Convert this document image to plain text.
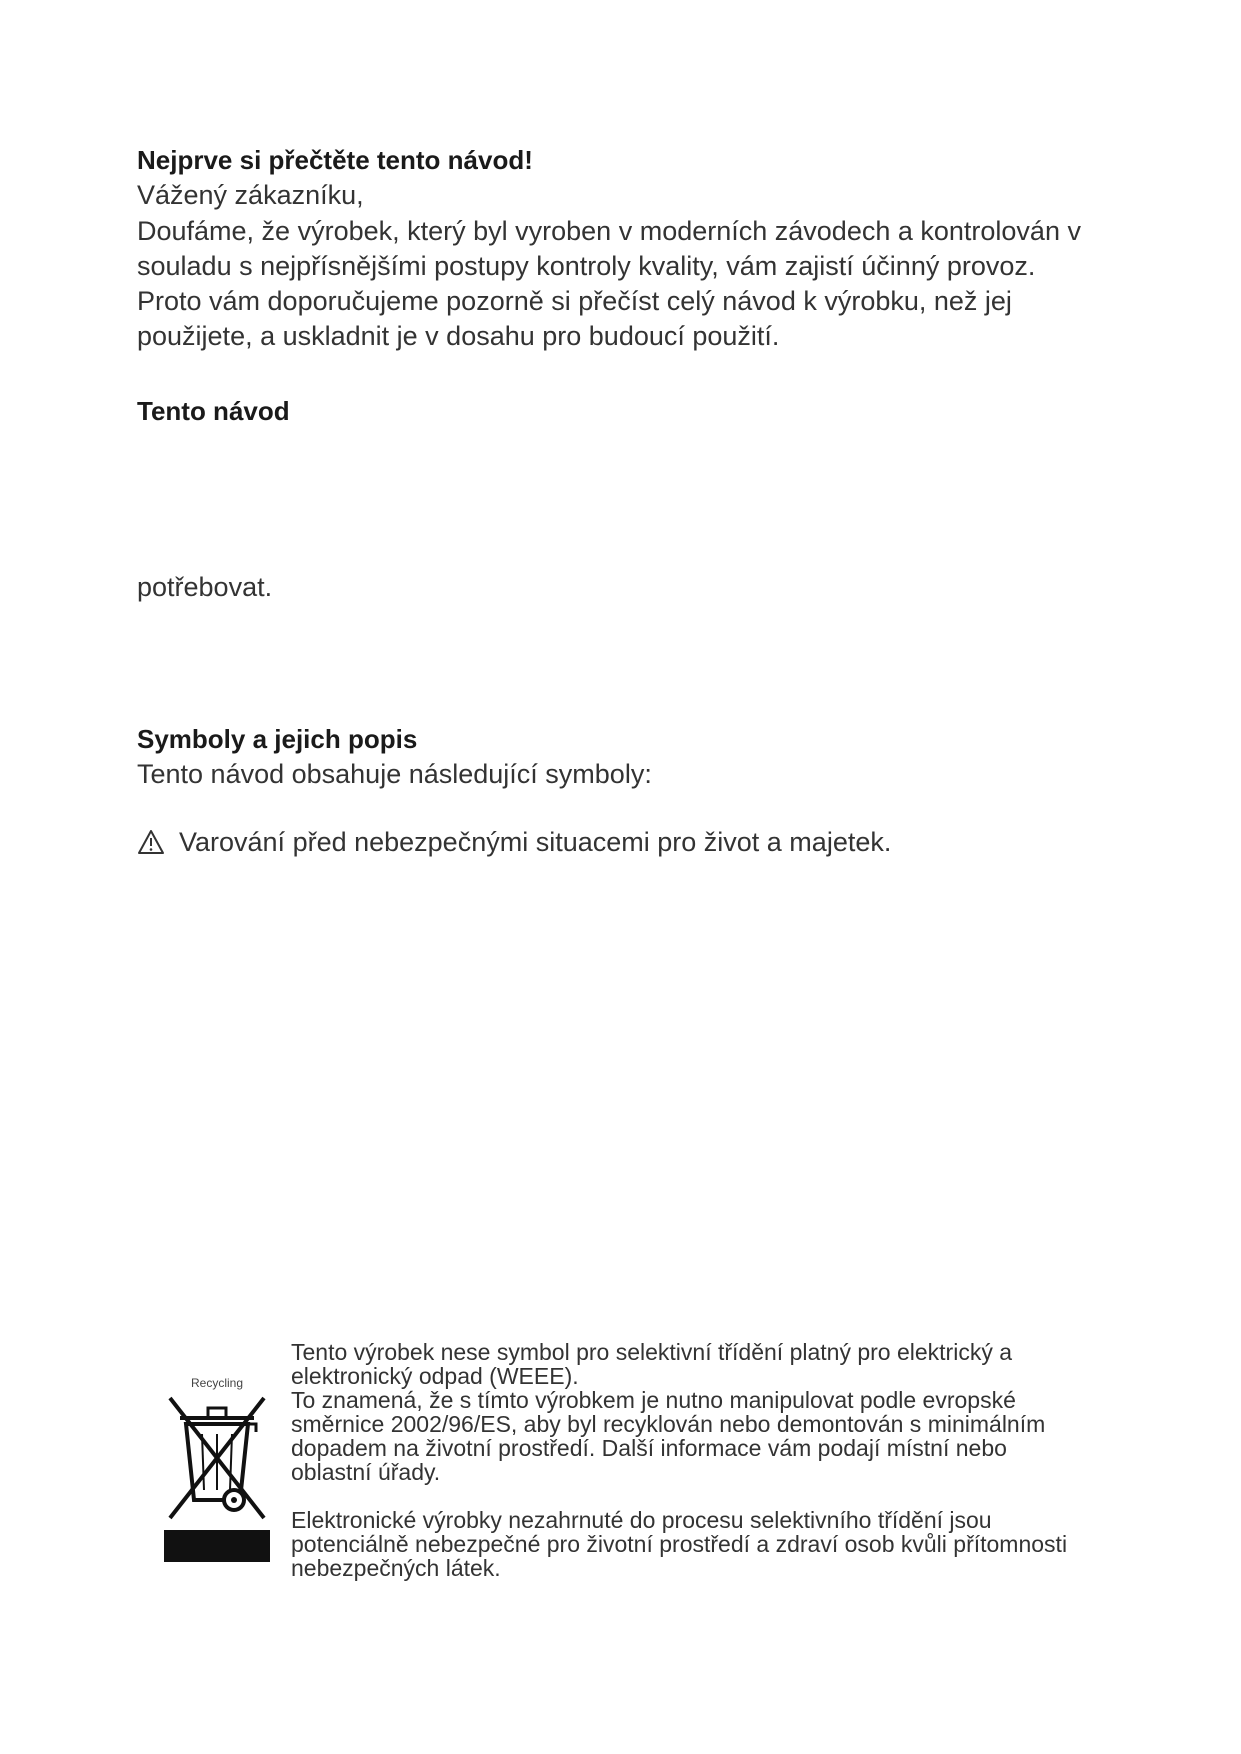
Nejprve si přečtěte tento návod!

Vážený zákazníku,

Doufáme, že výrobek, který byl vyroben v moderních závodech a kontrolován v
souladu s nejpřísnějšími postupy kontroly kvality, vám zajistí účinný provoz.
Proto vám doporučujeme pozorně si přečíst celý návod k výrobku, než jej
použijete, a uskladnit je v dosahu pro budoucí použití.

Tento návod

potřebovat.

Symboly a jejich popis

Tento návod obsahuje následující symboly:

Varování před nebezpečnými situacemi pro život a majetek.
Recycling

Tento výrobek nese symbol pro selektivní třídění platný pro elektrický a
elektronický odpad (WEEE).
To znamená, že s tímto výrobkem je nutno manipulovat podle evropské
směrnice 2002/96/ES, aby byl recyklován nebo demontován s minimálním
dopadem na životní prostředí. Další informace vám podají místní nebo
oblastní úřady.

Elektronické výrobky nezahrnuté do procesu selektivního třídění jsou
potenciálně nebezpečné pro životní prostředí a zdraví osob kvůli přítomnosti
nebezpečných látek.
